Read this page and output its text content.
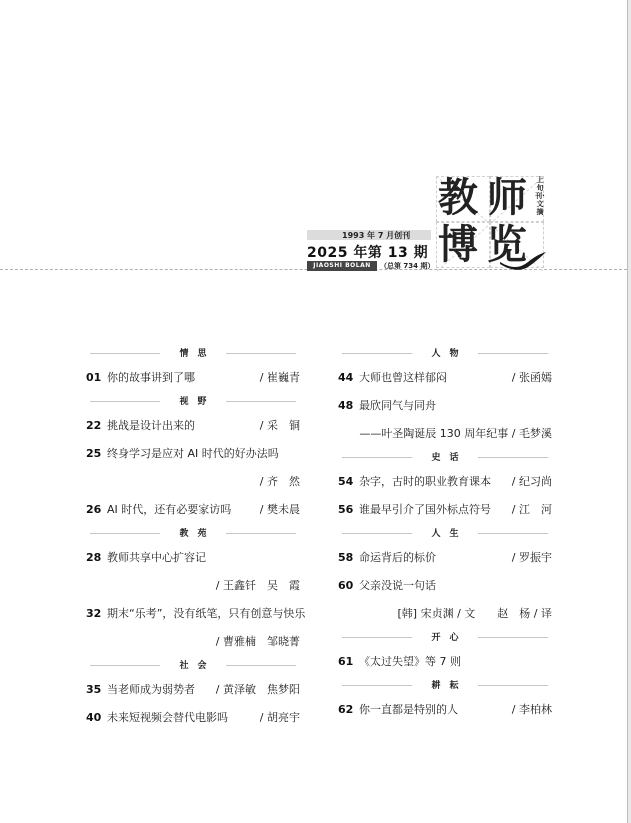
教 师
博 览
上旬刊·文摘
1993 年 7 月创刊
2025 年第 13 期
JIAOSHI BOLAN	（总第 734 期）
情思
01 你的故事讲到了哪	/ 崔巍青
视野
22 挑战是设计出来的	/ 采　铜
25 终身学习是应对 AI 时代的好办法吗
/ 齐　然
26 AI 时代，还有必要家访吗	/ 樊未晨
教苑
28 教师共享中心扩容记
/ 王鑫钎　吴　霞
32 期末“乐考”，没有纸笔，只有创意与快乐
/ 曹雅楠　邹晓菁
社会
35 当老师成为弱势者 / 黄泽敏　焦梦阳
40 未来短视频会替代电影吗	/ 胡亮宇
人物
44 大师也曾这样郁闷	/ 张函嫣
48 最欣同气与同舟
——叶圣陶诞辰 130 周年纪事 / 毛梦溪
史话
54 杂字，古时的职业教育课本 / 纪习尚
56 谁最早引介了国外标点符号 / 江　河
人生
58 命运背后的标价	/ 罗振宇
60 父亲没说一句话
[韩] 宋贞渊 / 文　　赵　杨 / 译
开心
61 《太过失望》等 7 则
耕耘
62 你一直都是特别的人	/ 李柏林
